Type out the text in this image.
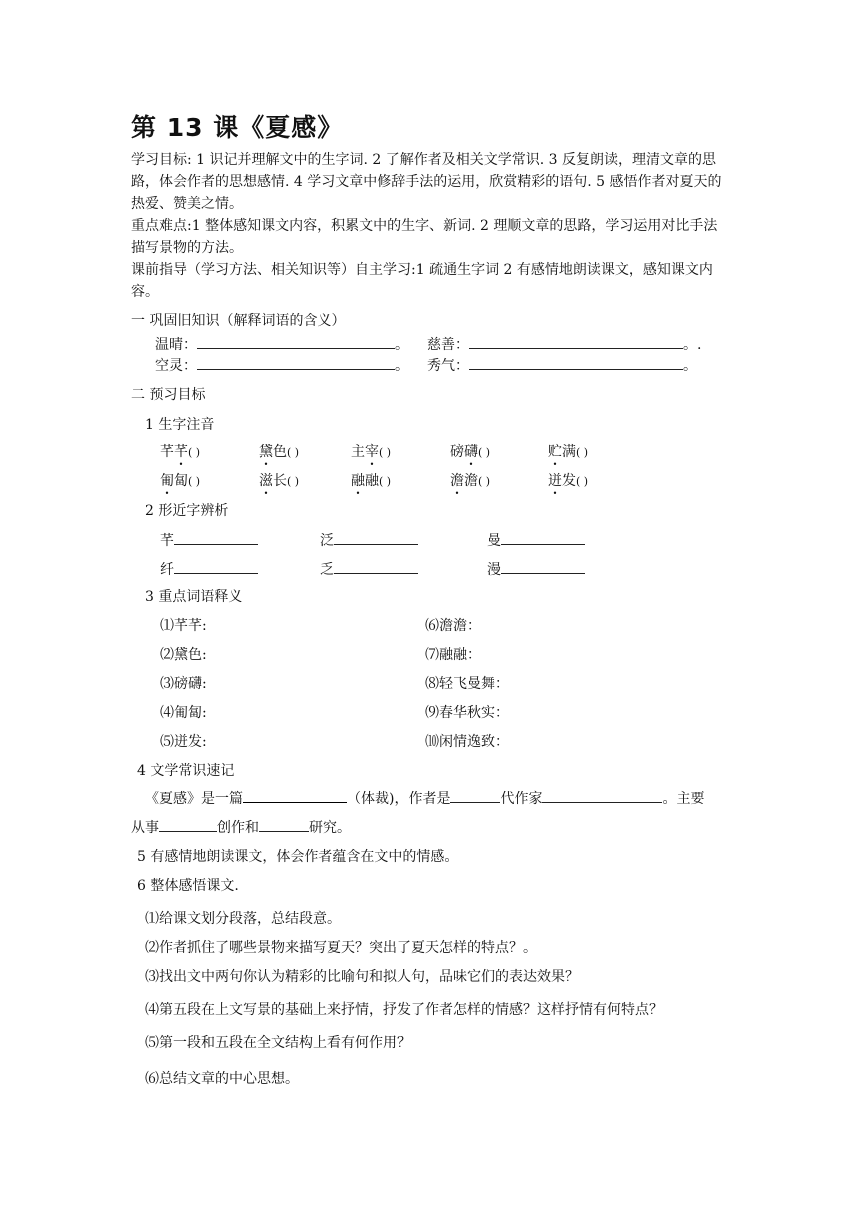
第 13 课《夏感》
学习目标: 1 识记并理解文中的生字词. 2 了解作者及相关文学常识. 3 反复朗读，理清文章的思路，体会作者的思想感情. 4 学习文章中修辞手法的运用，欣赏精彩的语句. 5 感悟作者对夏天的热爱、赞美之情。
重点难点:1 整体感知课文内容，积累文中的生字、新词. 2 理顺文章的思路，学习运用对比手法描写景物的方法。
课前指导（学习方法、相关知识等）自主学习:1 疏通生字词 2 有感情地朗读课文，感知课文内容。
一 巩固旧知识（解释词语的含义）
温晴：	。 慈善：	。.
空灵：	。 秀气：	。
二 预习目标
1 生字注音
芊芊( )	黛色( )	主宰( )	磅礴( )	贮满( )
匍匐( )	滋长( )	融融( )	澹澹( )	迸发( )
2 形近字辨析
芊	泛	曼
纤	乏	漫
3 重点词语释义
⑴芊芊:
⑵黛色:
⑶磅礴:
⑷匍匐:
⑸迸发:
⑹澹澹：
⑺融融：
⑻轻飞曼舞：
⑼春华秋实：
⑽闲情逸致：
4 文学常识速记
《夏感》是一篇	（体裁)，作者是	代作家	。主要
从事	创作和	研究。
5 有感情地朗读课文，体会作者蕴含在文中的情感。
6 整体感悟课文.
⑴给课文划分段落，总结段意。
⑵作者抓住了哪些景物来描写夏天？突出了夏天怎样的特点？。
⑶找出文中两句你认为精彩的比喻句和拟人句，品味它们的表达效果？
⑷第五段在上文写景的基础上来抒情，抒发了作者怎样的情感？这样抒情有何特点？
⑸第一段和五段在全文结构上看有何作用？
⑹总结文章的中心思想。
